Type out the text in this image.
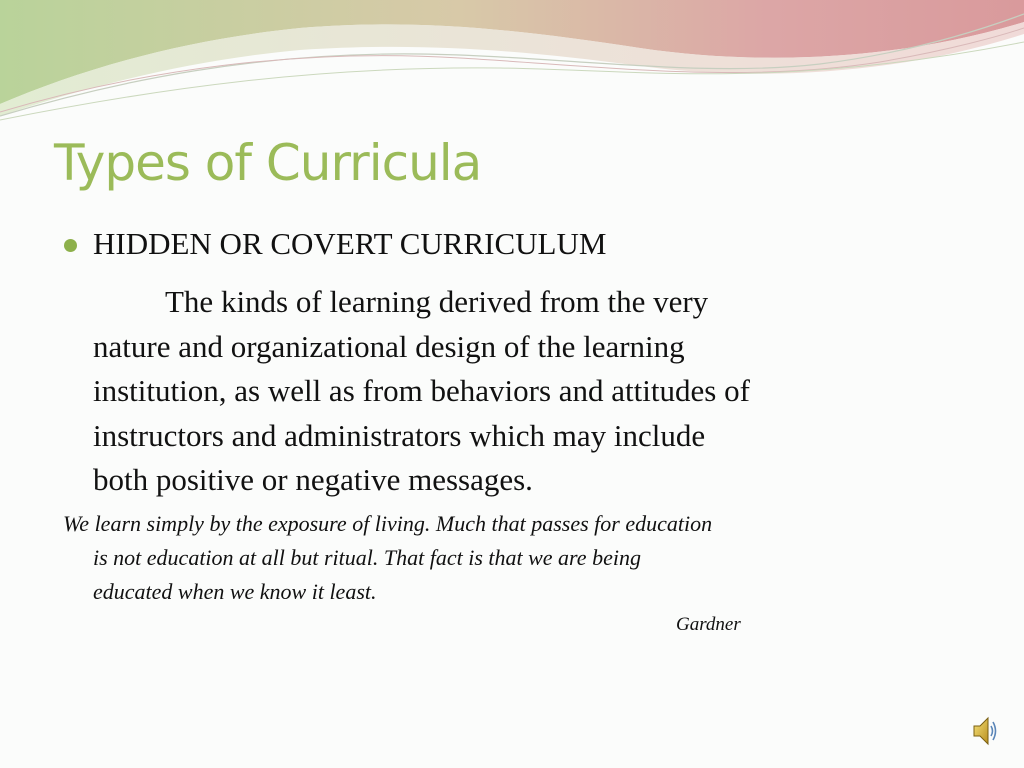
Types of Curricula
HIDDEN OR COVERT CURRICULUM
The kinds of learning derived from the very
nature and organizational design of the learning
institution, as well as from behaviors and attitudes of
instructors and administrators which may include
both positive or negative messages.
We learn simply by the exposure of living. Much that passes for education
is not education at all but ritual. That fact is that we are being
educated when we know it least.
Gardner
